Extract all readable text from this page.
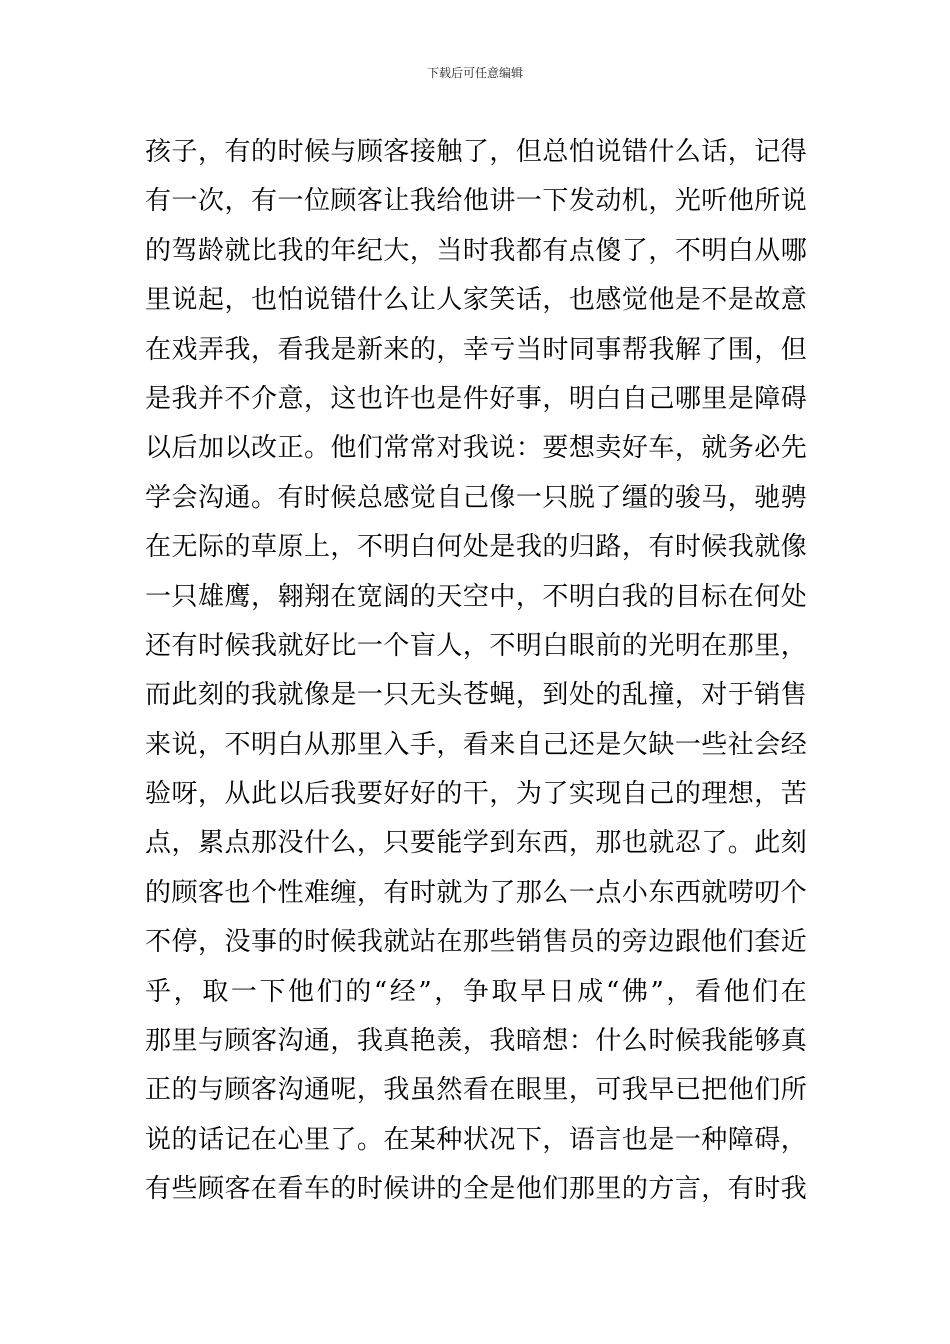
下载后可任意编辑
孩子，有的时候与顾客接触了，但总怕说错什么话，记得
有一次，有一位顾客让我给他讲一下发动机，光听他所说
的驾龄就比我的年纪大，当时我都有点傻了，不明白从哪
里说起，也怕说错什么让人家笑话，也感觉他是不是故意
在戏弄我，看我是新来的，幸亏当时同事帮我解了围，但
是我并不介意，这也许也是件好事，明白自己哪里是障碍
以后加以改正。他们常常对我说：要想卖好车，就务必先
学会沟通。有时候总感觉自己像一只脱了缰的骏马，驰骋
在无际的草原上，不明白何处是我的归路，有时候我就像
一只雄鹰，翱翔在宽阔的天空中，不明白我的目标在何处
还有时候我就好比一个盲人，不明白眼前的光明在那里，
而此刻的我就像是一只无头苍蝇，到处的乱撞，对于销售
来说，不明白从那里入手，看来自己还是欠缺一些社会经
验呀，从此以后我要好好的干，为了实现自己的理想，苦
点，累点那没什么，只要能学到东西，那也就忍了。此刻
的顾客也个性难缠，有时就为了那么一点小东西就唠叨个
不停，没事的时候我就站在那些销售员的旁边跟他们套近
乎，取一下他们的“经”，争取早日成“佛”，看他们在
那里与顾客沟通，我真艳羡，我暗想：什么时候我能够真
正的与顾客沟通呢，我虽然看在眼里，可我早已把他们所
说的话记在心里了。在某种状况下，语言也是一种障碍，
有些顾客在看车的时候讲的全是他们那里的方言，有时我
